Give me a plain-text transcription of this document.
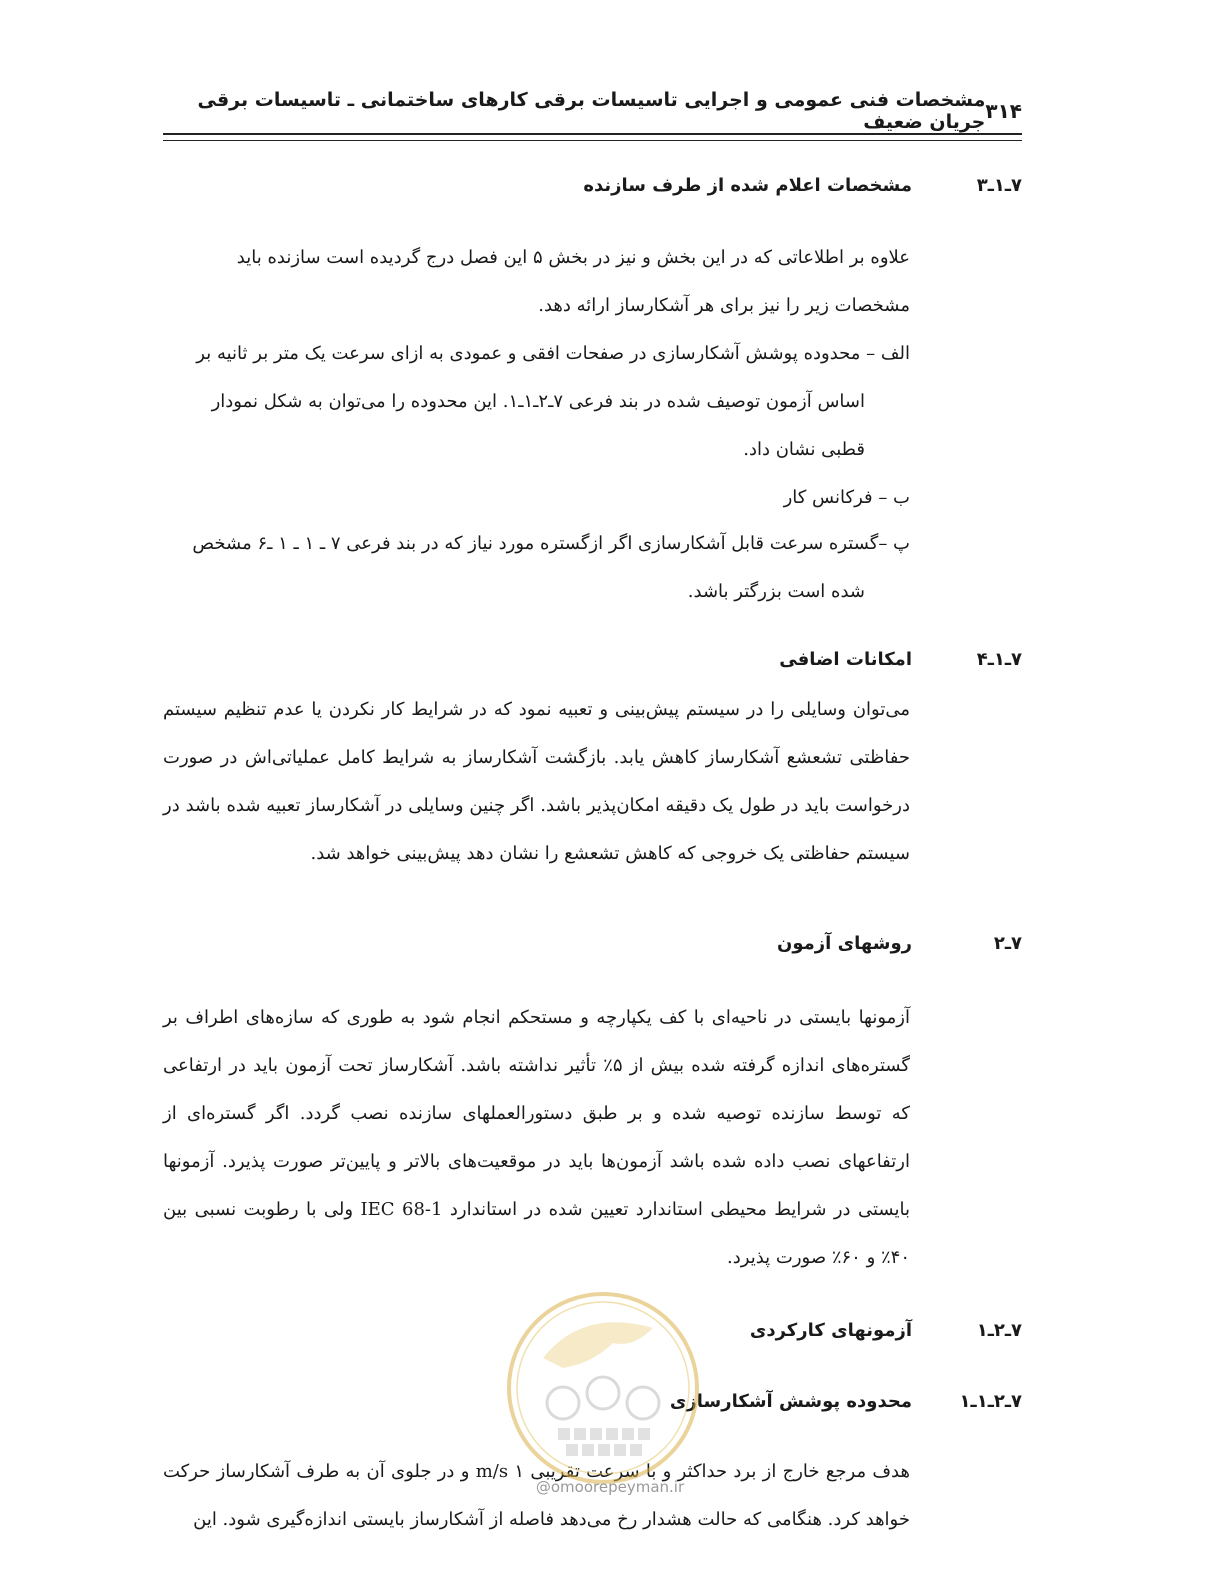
۳۱۴
مشخصات فنی عمومی و اجرایی تاسیسات برقی کارهای ساختمانی ـ تاسیسات برقی جریان ضعیف
۷ـ۱ـ۳
مشخصات اعلام شده از طرف سازنده
علاوه بر اطلاعاتی که در این بخش و نیز در بخش ۵ این فصل درج گردیده است سازنده باید
مشخصات زیر را نیز برای هر آشکارساز ارائه دهد.
الف – محدوده پوشش آشکارسازی در صفحات افقی و عمودی به ازای سرعت یک متر بر ثانیه بر
اساس آزمون توصیف شده در بند فرعی ۷ـ۲ـ۱ـ۱. این محدوده را می‌توان به شکل نمودار
قطبی نشان داد.
ب – فرکانس کار
پ –گستره سرعت قابل آشکارسازی اگر ازگستره مورد نیاز که در بند فرعی ۷ ـ ۱ ـ ۱ ـ۶ مشخص
شده است بزرگتر باشد.
۷ـ۱ـ۴
امکانات اضافی

می‌توان وسایلی را در سیستم پیش‌بینی و تعبیه نمود که در شرایط کار نکردن یا عدم تنظیم سیستم حفاظتی تشعشع آشکارساز کاهش یابد. بازگشت آشکارساز به شرایط کامل عملیاتی‌اش در صورت درخواست باید در طول یک دقیقه امکان‌پذیر باشد. اگر چنین وسایلی در آشکارساز تعبیه شده باشد در سیستم حفاظتی یک خروجی که کاهش تشعشع را نشان دهد پیش‌بینی خواهد شد.

۷ـ۲
روشهای آزمون

آزمونها بایستی در ناحیه‌ای با کف یکپارچه و مستحکم انجام شود به طوری که سازه‌های اطراف بر گستره‌های اندازه گرفته شده بیش از ۵٪ تأثیر نداشته باشد. آشکارساز تحت آزمون باید در ارتفاعی که توسط سازنده توصیه شده و بر طبق دستورالعملهای سازنده نصب گردد. اگر گستره‌ای از ارتفاعهای نصب داده شده باشد آزمون‌ها باید در موقعیت‌های بالاتر و پایین‌تر صورت پذیرد. آزمونها بایستی در شرایط محیطی استاندارد تعیین شده در استاندارد IEC 68-1 ولی با رطوبت نسبی بین ۴۰٪ و ۶۰٪ صورت پذیرد.

۷ـ۲ـ۱
آزمونهای کارکردی
۷ـ۲ـ۱ـ۱
محدوده پوشش آشکارسازی

هدف مرجع خارج از برد حداکثر و با سرعت تقریبی ۱ m/s و در جلوی آن به طرف آشکارساز حرکت خواهد کرد. هنگامی که حالت هشدار رخ می‌دهد فاصله از آشکارساز بایستی اندازه‌گیری شود. این

@omoorepeyman.ir
